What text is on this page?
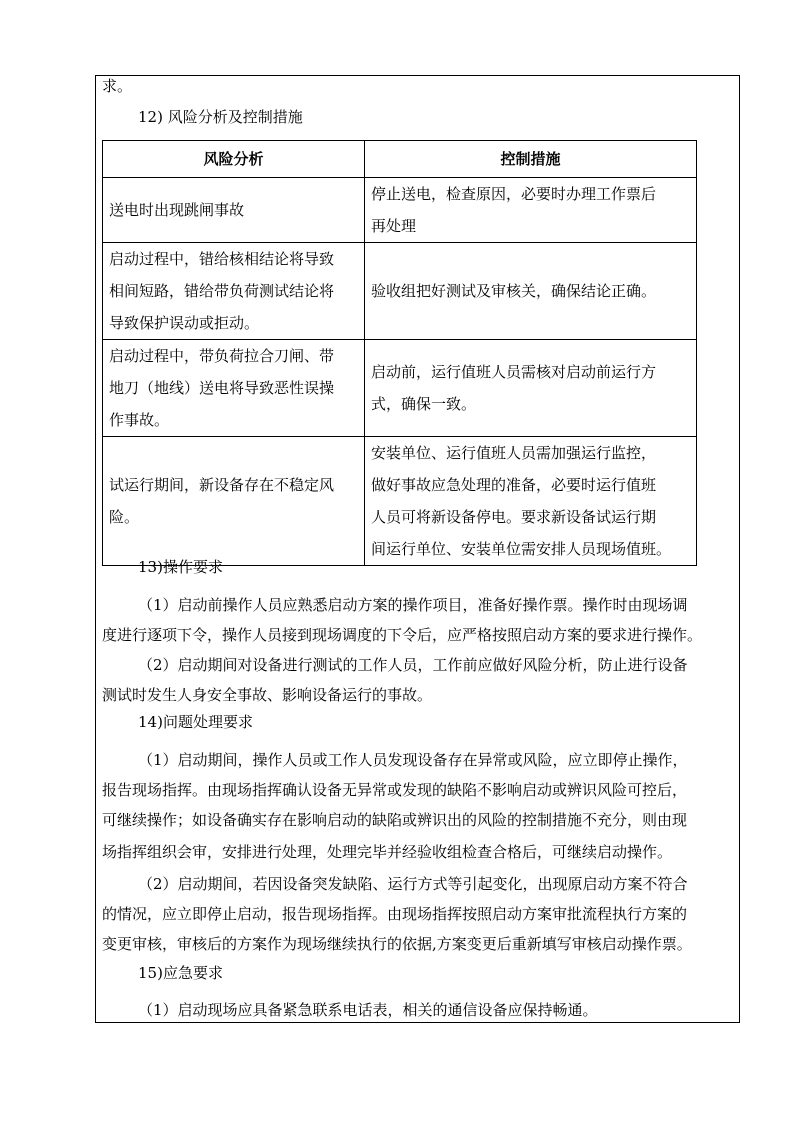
求。
12) 风险分析及控制措施
风险分析	控制措施

送电时出现跳闸事故	停止送电，检查原因，必要时办理工作票后
再处理

启动过程中，错给核相结论将导致
相间短路，错给带负荷测试结论将
导致保护误动或拒动。	验收组把好测试及审核关，确保结论正确。

启动过程中，带负荷拉合刀闸、带
地刀（地线）送电将导致恶性误操
作事故。	启动前，运行值班人员需核对启动前运行方
式，确保一致。

试运行期间，新设备存在不稳定风
险。	安装单位、运行值班人员需加强运行监控，
做好事故应急处理的准备，必要时运行值班
人员可将新设备停电。要求新设备试运行期
间运行单位、安装单位需安排人员现场值班。
13)操作要求
（1）启动前操作人员应熟悉启动方案的操作项目，准备好操作票。操作时由现场调
度进行逐项下令，操作人员接到现场调度的下令后，应严格按照启动方案的要求进行操作。
（2）启动期间对设备进行测试的工作人员，工作前应做好风险分析，防止进行设备
测试时发生人身安全事故、影响设备运行的事故。
14)问题处理要求
（1）启动期间，操作人员或工作人员发现设备存在异常或风险，应立即停止操作，
报告现场指挥。由现场指挥确认设备无异常或发现的缺陷不影响启动或辨识风险可控后，
可继续操作；如设备确实存在影响启动的缺陷或辨识出的风险的控制措施不充分，则由现
场指挥组织会审，安排进行处理，处理完毕并经验收组检查合格后，可继续启动操作。
（2）启动期间，若因设备突发缺陷、运行方式等引起变化，出现原启动方案不符合
的情况，应立即停止启动，报告现场指挥。由现场指挥按照启动方案审批流程执行方案的
变更审核，审核后的方案作为现场继续执行的依据,方案变更后重新填写审核启动操作票。
15)应急要求
（1）启动现场应具备紧急联系电话表，相关的通信设备应保持畅通。
